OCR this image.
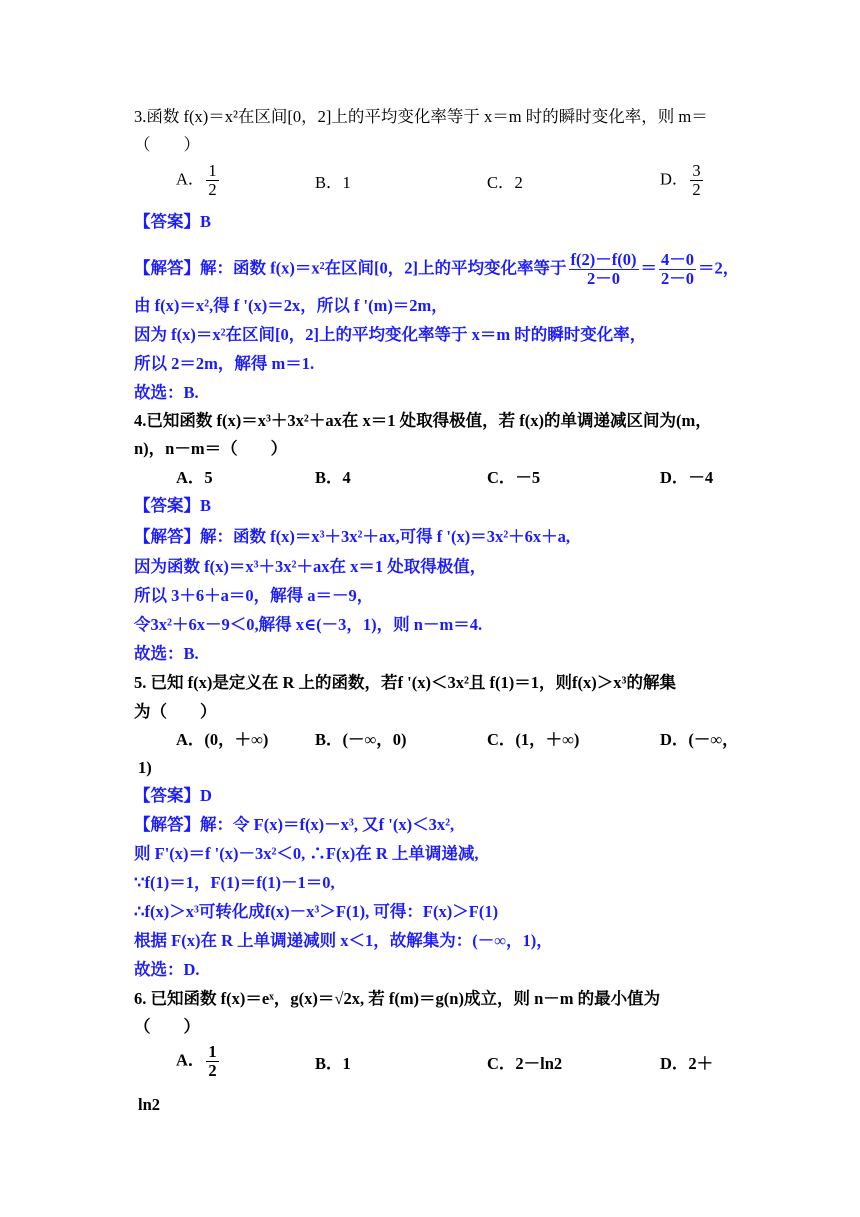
3.函数 f(x)＝x²在区间[0，2]上的平均变化率等于 x＝m 时的瞬时变化率，则 m＝
（　　）
A． $\frac{1}{2}$	B．1	C．2	D． $\frac{3}{2}$
【答案】B
【解答】解：函数 f(x)＝x²在区间[0，2]上的平均变化率等于 $\frac{f(2)-f(0)}{2-0} = \frac{4-0}{2-0} =2$，
由 f(x)＝x²,得 f '(x)＝2x，所以 f '(m)＝2m，
因为 f(x)＝x²在区间[0，2]上的平均变化率等于 x＝m 时的瞬时变化率，
所以 2＝2m，解得 m＝1.
故选：B.
4.已知函数 f(x)＝x³＋3x²＋ax在 x＝1 处取得极值，若 f(x)的单调递减区间为(m，
n)，n－m＝（　　）
A．5	B．4	C．－5	D．－4
【答案】B
【解答】解：函数 f(x)＝x³＋3x²＋ax,可得 f '(x)＝3x²＋6x＋a,
因为函数 f(x)＝x³＋3x²＋ax在 x＝1 处取得极值，
所以 3＋6＋a＝0，解得 a＝－9，
令3x²＋6x－9＜0,解得 x∈(－3，1)，则 n－m＝4.
故选：B.
5. 已知 f(x)是定义在 R 上的函数，若f '(x)＜3x²且 f(1)＝1，则f(x)＞x³的解集
为（　　）
A．(0，＋∞)	B．(－∞，0)	C．(1，＋∞)	D．(－∞，
1)
【答案】D
【解答】解：令 F(x)＝f(x)－x³, 又f '(x)＜3x²,
则 F'(x)＝f '(x)－3x²＜0, ∴F(x)在 R 上单调递减,
∵f(1)＝1，F(1)＝f(1)－1＝0,
∴f(x)＞x³可转化成f(x)－x³＞F(1), 可得：F(x)＞F(1)
根据 F(x)在 R 上单调递减则 x＜1，故解集为：(－∞，1)，
故选：D.
6. 已知函数 f(x)＝eˣ，g(x)＝√2x, 若 f(m)＝g(n)成立，则 n－m 的最小值为
（　　）
A． $\frac{1}{2}$	B．1	C．2－ln2	D．2＋
ln2
